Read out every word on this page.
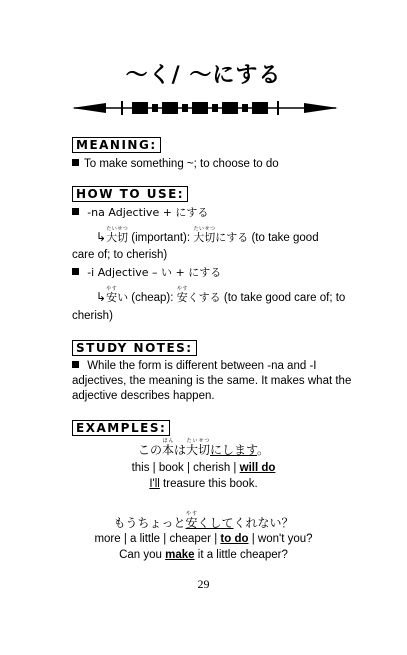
～く/ ～にする
MEANING:
To make something ~; to choose to do
HOW TO USE:
-na Adjective + にする
↳大切たいせつ (important): 大切たいせつにする (to take good
care of; to cherish)
-i Adjective – い + にする
↳安やすい (cheap): 安やすくする (to take good care of; to
cherish)
STUDY NOTES:
While the form is different between -na and -I
adjectives, the meaning is the same. It makes what the
adjective describes happen.
EXAMPLES:
この本ほんは大切たいせつにします。
this | book | cherish | will do
I'll treasure this book.
もうちょっと安やすくしてくれない？
more | a little | cheaper | to do | won't you?
Can you make it a little cheaper?
29
